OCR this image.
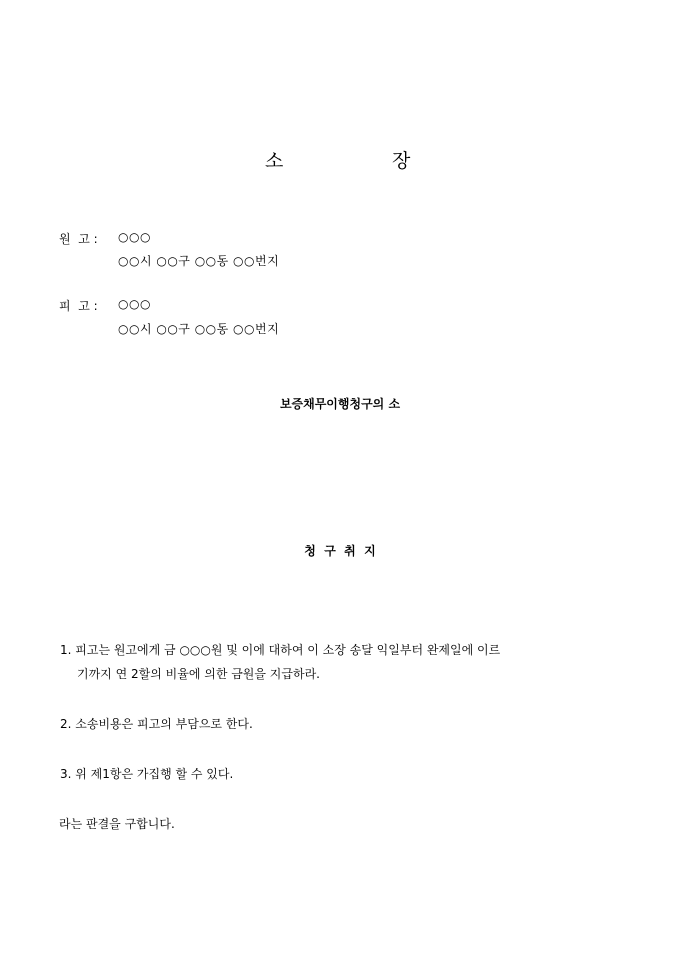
소	장
원  고 : ○○○
○○시 ○○구 ○○동 ○○번지
피  고 : ○○○
○○시 ○○구 ○○동 ○○번지
보증채무이행청구의 소
청  구  취  지
1. 피고는 원고에게 금 ○○○원 및 이에 대하여 이 소장 송달 익일부터 완제일에 이르
기까지 연 2할의 비율에 의한 금원을 지급하라.
2. 소송비용은 피고의 부담으로 한다.
3. 위 제1항은 가집행 할 수 있다.
라는 판결을 구합니다.
